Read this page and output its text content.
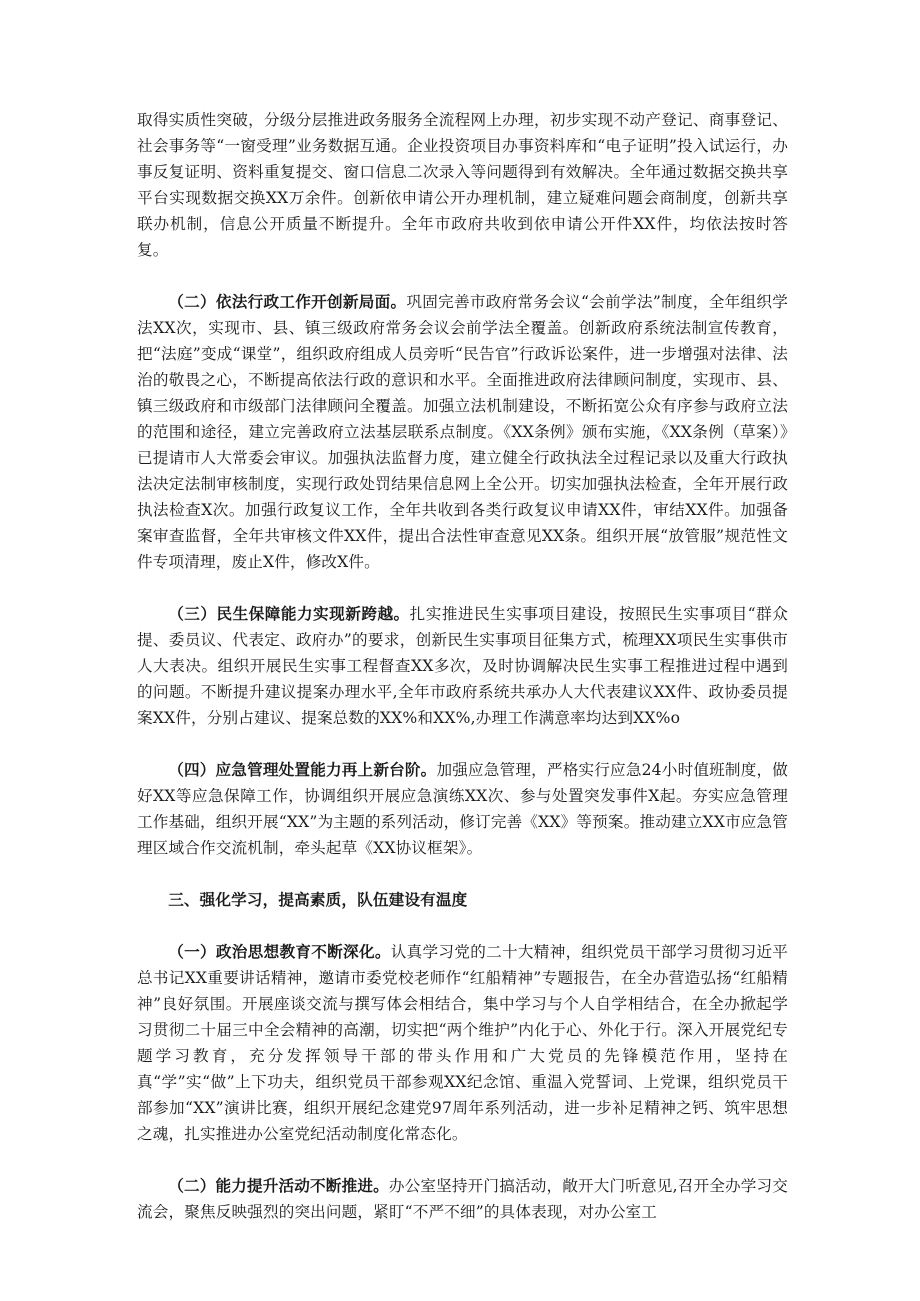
取得实质性突破，分级分层推进政务服务全流程网上办理，初步实现不动产登记、商事登记、社会事务等“一窗受理”业务数据互通。企业投资项目办事资料库和“电子证明”投入试运行，办事反复证明、资料重复提交、窗口信息二次录入等问题得到有效解决。全年通过数据交换共享平台实现数据交换XX万余件。创新依申请公开办理机制，建立疑难问题会商制度，创新共享联办机制，信息公开质量不断提升。全年市政府共收到依申请公开件XX件，均依法按时答复。

（二）依法行政工作开创新局面。巩固完善市政府常务会议“会前学法”制度，全年组织学法XX次，实现市、县、镇三级政府常务会议会前学法全覆盖。创新政府系统法制宣传教育，把“法庭”变成“课堂”，组织政府组成人员旁听“民告官”行政诉讼案件，进一步增强对法律、法治的敬畏之心，不断提高依法行政的意识和水平。全面推进政府法律顾问制度，实现市、县、镇三级政府和市级部门法律顾问全覆盖。加强立法机制建设，不断拓宽公众有序参与政府立法的范围和途径，建立完善政府立法基层联系点制度。《XX条例》颁布实施，《XX条例（草案）》已提请市人大常委会审议。加强执法监督力度，建立健全行政执法全过程记录以及重大行政执法决定法制审核制度，实现行政处罚结果信息网上全公开。切实加强执法检查，全年开展行政执法检查X次。加强行政复议工作，全年共收到各类行政复议申请XX件，审结XX件。加强备案审查监督，全年共审核文件XX件，提出合法性审查意见XX条。组织开展“放管服”规范性文件专项清理，废止X件，修改X件。

（三）民生保障能力实现新跨越。扎实推进民生实事项目建设，按照民生实事项目“群众提、委员议、代表定、政府办”的要求，创新民生实事项目征集方式，梳理XX项民生实事供市人大表决。组织开展民生实事工程督查XX多次，及时协调解决民生实事工程推进过程中遇到的问题。不断提升建议提案办理水平,全年市政府系统共承办人大代表建议XX件、政协委员提案XX件，分别占建议、提案总数的XX%和XX%,办理工作满意率均达到XX%o

（四）应急管理处置能力再上新台阶。加强应急管理，严格实行应急24小时值班制度，做好XX等应急保障工作，协调组织开展应急演练XX次、参与处置突发事件X起。夯实应急管理工作基础，组织开展“XX”为主题的系列活动，修订完善《XX》等预案。推动建立XX市应急管理区域合作交流机制，牵头起草《XX协议框架》。

三、强化学习，提高素质，队伍建设有温度

（一）政治思想教育不断深化。认真学习党的二十大精神，组织党员干部学习贯彻习近平总书记XX重要讲话精神，邀请市委党校老师作“红船精神”专题报告，在全办营造弘扬“红船精神”良好氛围。开展座谈交流与撰写体会相结合，集中学习与个人自学相结合，在全办掀起学习贯彻二十届三中全会精神的高潮，切实把“两个维护”内化于心、外化于行。深入开展党纪专题学习教育，充分发挥领导干部的带头作用和广大党员的先锋模范作用，坚持在真“学”实“做”上下功夫，组织党员干部参观XX纪念馆、重温入党誓词、上党课，组织党员干部参加“XX”演讲比赛，组织开展纪念建党97周年系列活动，进一步补足精神之钙、筑牢思想之魂，扎实推进办公室党纪活动制度化常态化。

（二）能力提升活动不断推进。办公室坚持开门搞活动，敞开大门听意见,召开全办学习交流会，聚焦反映强烈的突出问题，紧盯“不严不细”的具体表现，对办公室工
